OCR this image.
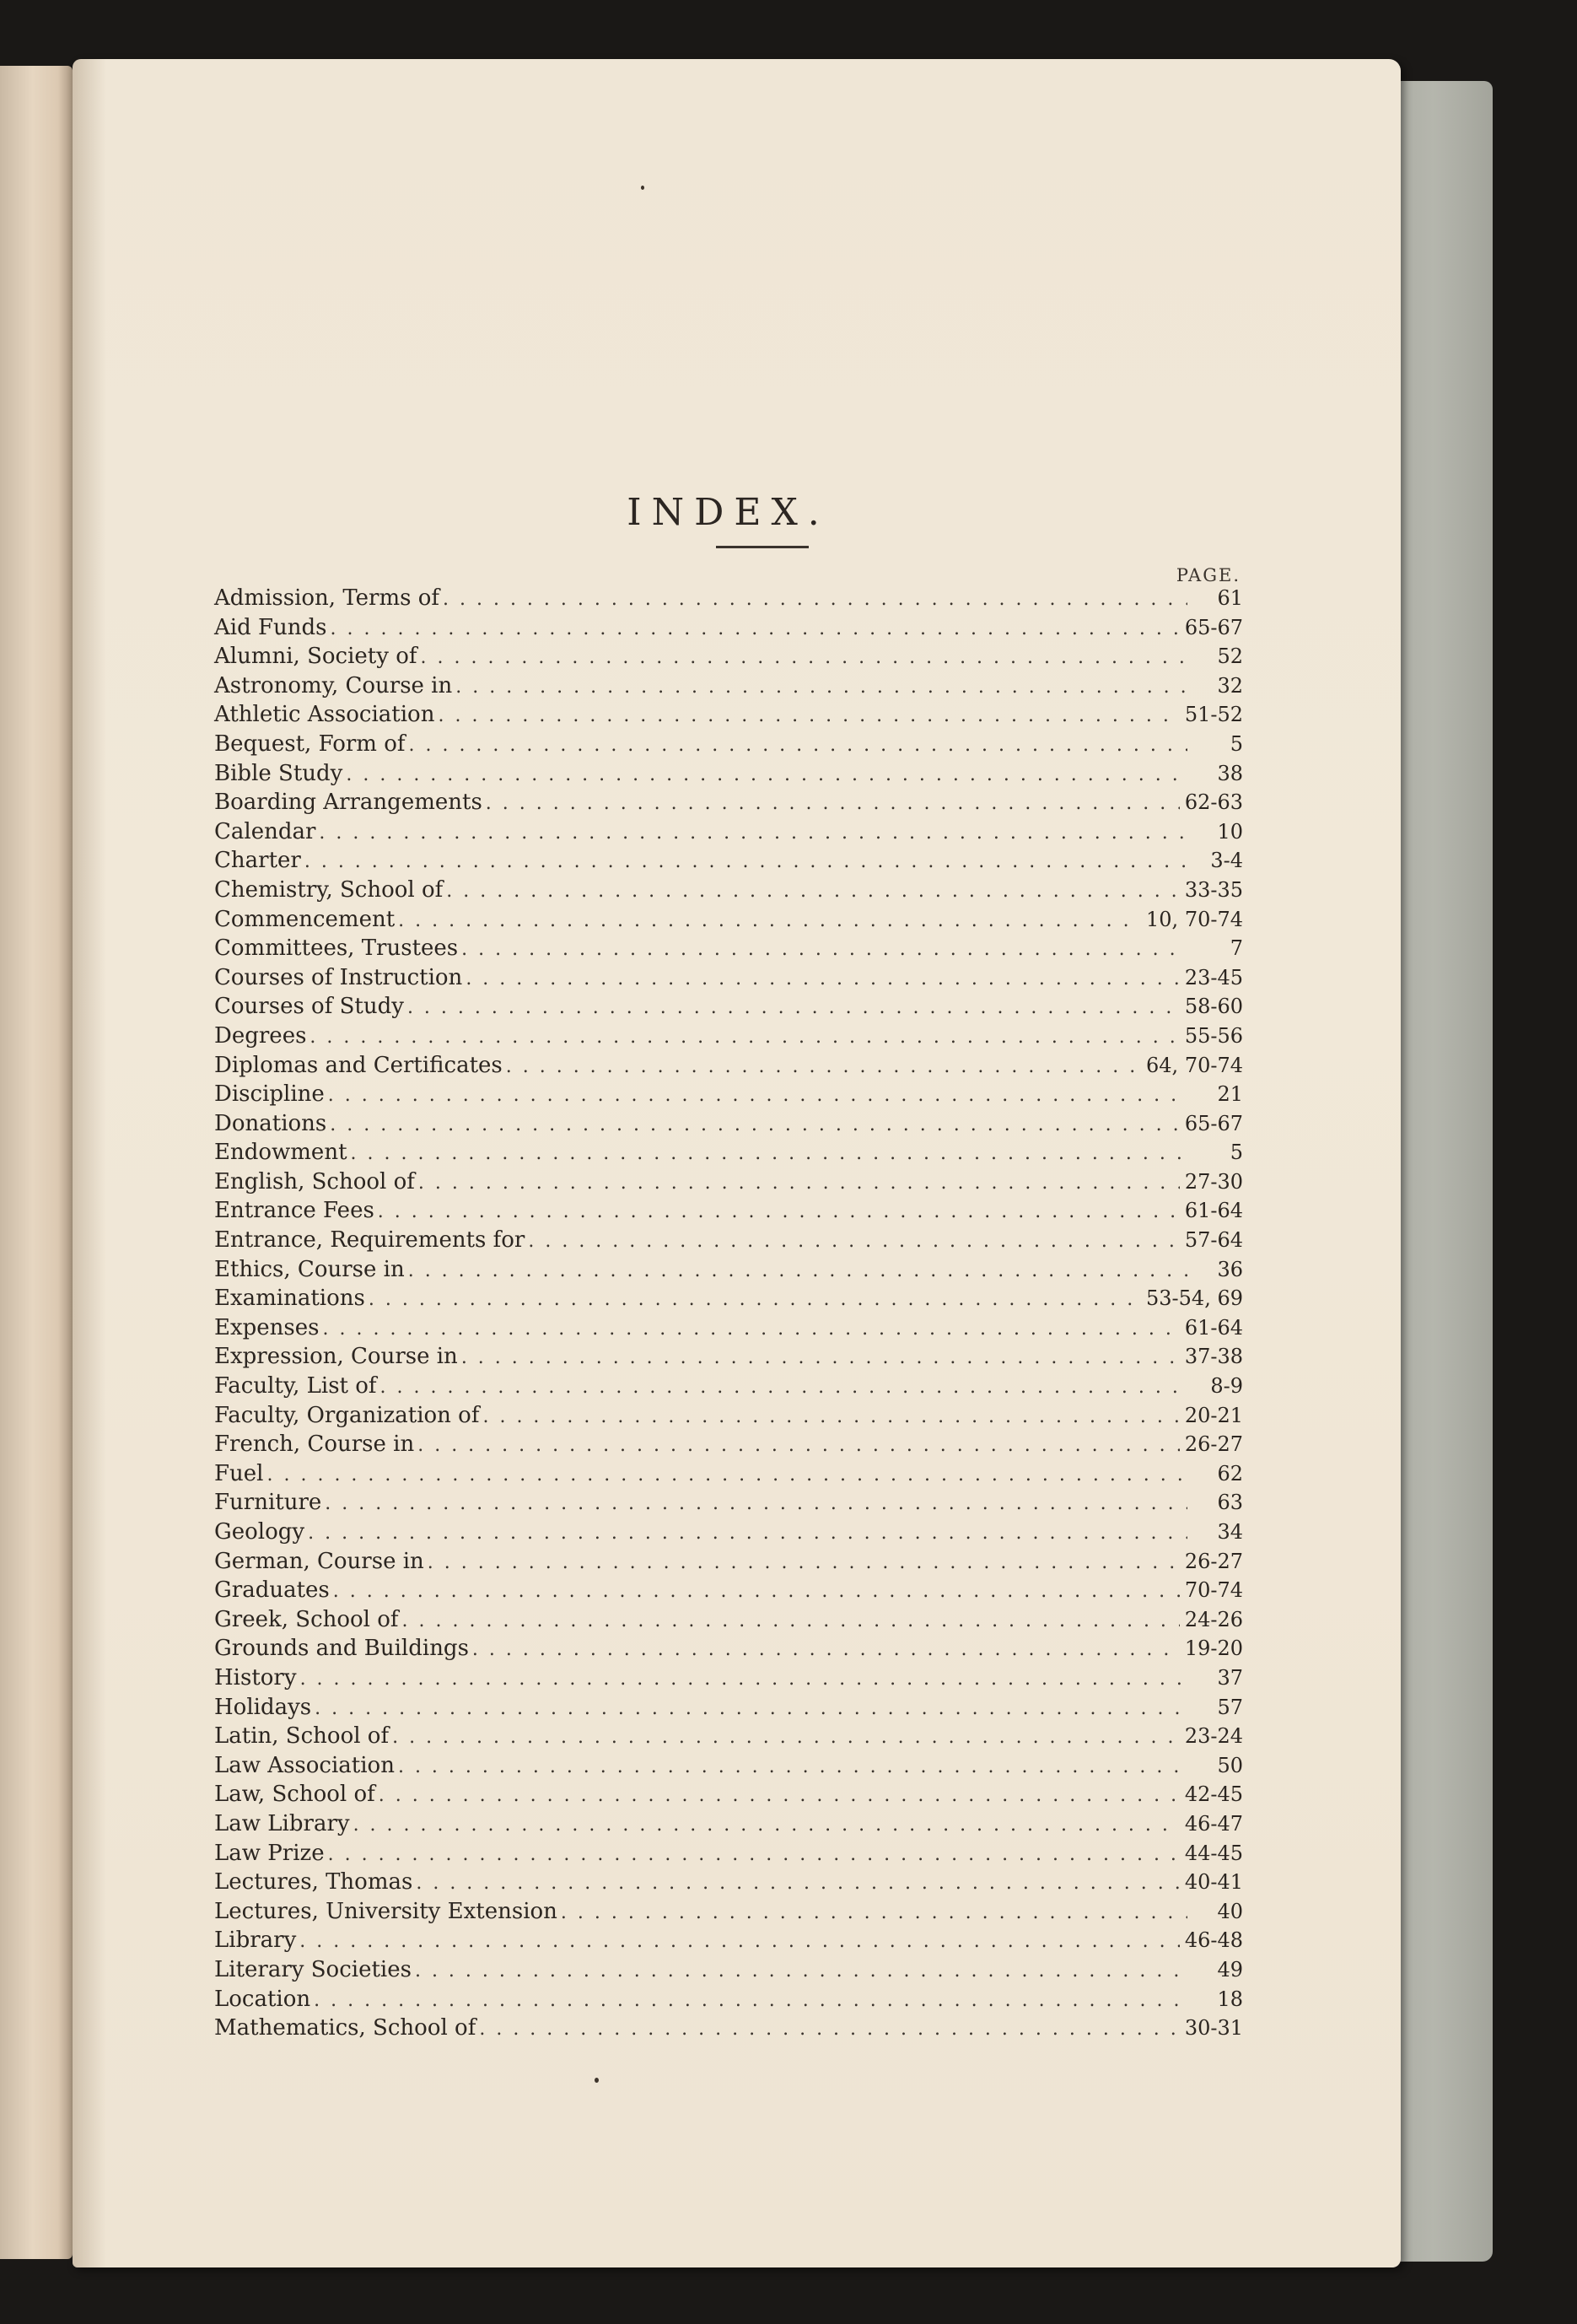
INDEX.
PAGE.
Admission, Terms of . . .	61
Aid Funds . . .	65-67
Alumni, Society of . . .	52
Astronomy, Course in . . .	32
Athletic Association . . .	51-52
Bequest, Form of . . .	5
Bible Study . . .	38
Boarding Arrangements . . .	62-63
Calendar . . .	10
Charter . . .	3-4
Chemistry, School of . . .	33-35
Commencement . . .	10, 70-74
Committees, Trustees . . .	7
Courses of Instruction . . .	23-45
Courses of Study . . .	58-60
Degrees . . .	55-56
Diplomas and Certificates . . .	64, 70-74
Discipline . . .	21
Donations . . .	65-67
Endowment . . .	5
English, School of . . .	27-30
Entrance Fees . . .	61-64
Entrance, Requirements for . . .	57-64
Ethics, Course in . . .	36
Examinations . . .	53-54, 69
Expenses . . .	61-64
Expression, Course in . . .	37-38
Faculty, List of . . .	8-9
Faculty, Organization of . . .	20-21
French, Course in . . .	26-27
Fuel . . .	62
Furniture . . .	63
Geology . . .	34
German, Course in . . .	26-27
Graduates . . .	70-74
Greek, School of . . .	24-26
Grounds and Buildings . . .	19-20
History . . .	37
Holidays . . .	57
Latin, School of . . .	23-24
Law Association . . .	50
Law, School of . . .	42-45
Law Library . . .	46-47
Law Prize . . .	44-45
Lectures, Thomas . . .	40-41
Lectures, University Extension . . .	40
Library . . .	46-48
Literary Societies . . .	49
Location . . .	18
Mathematics, School of . . .	30-31
